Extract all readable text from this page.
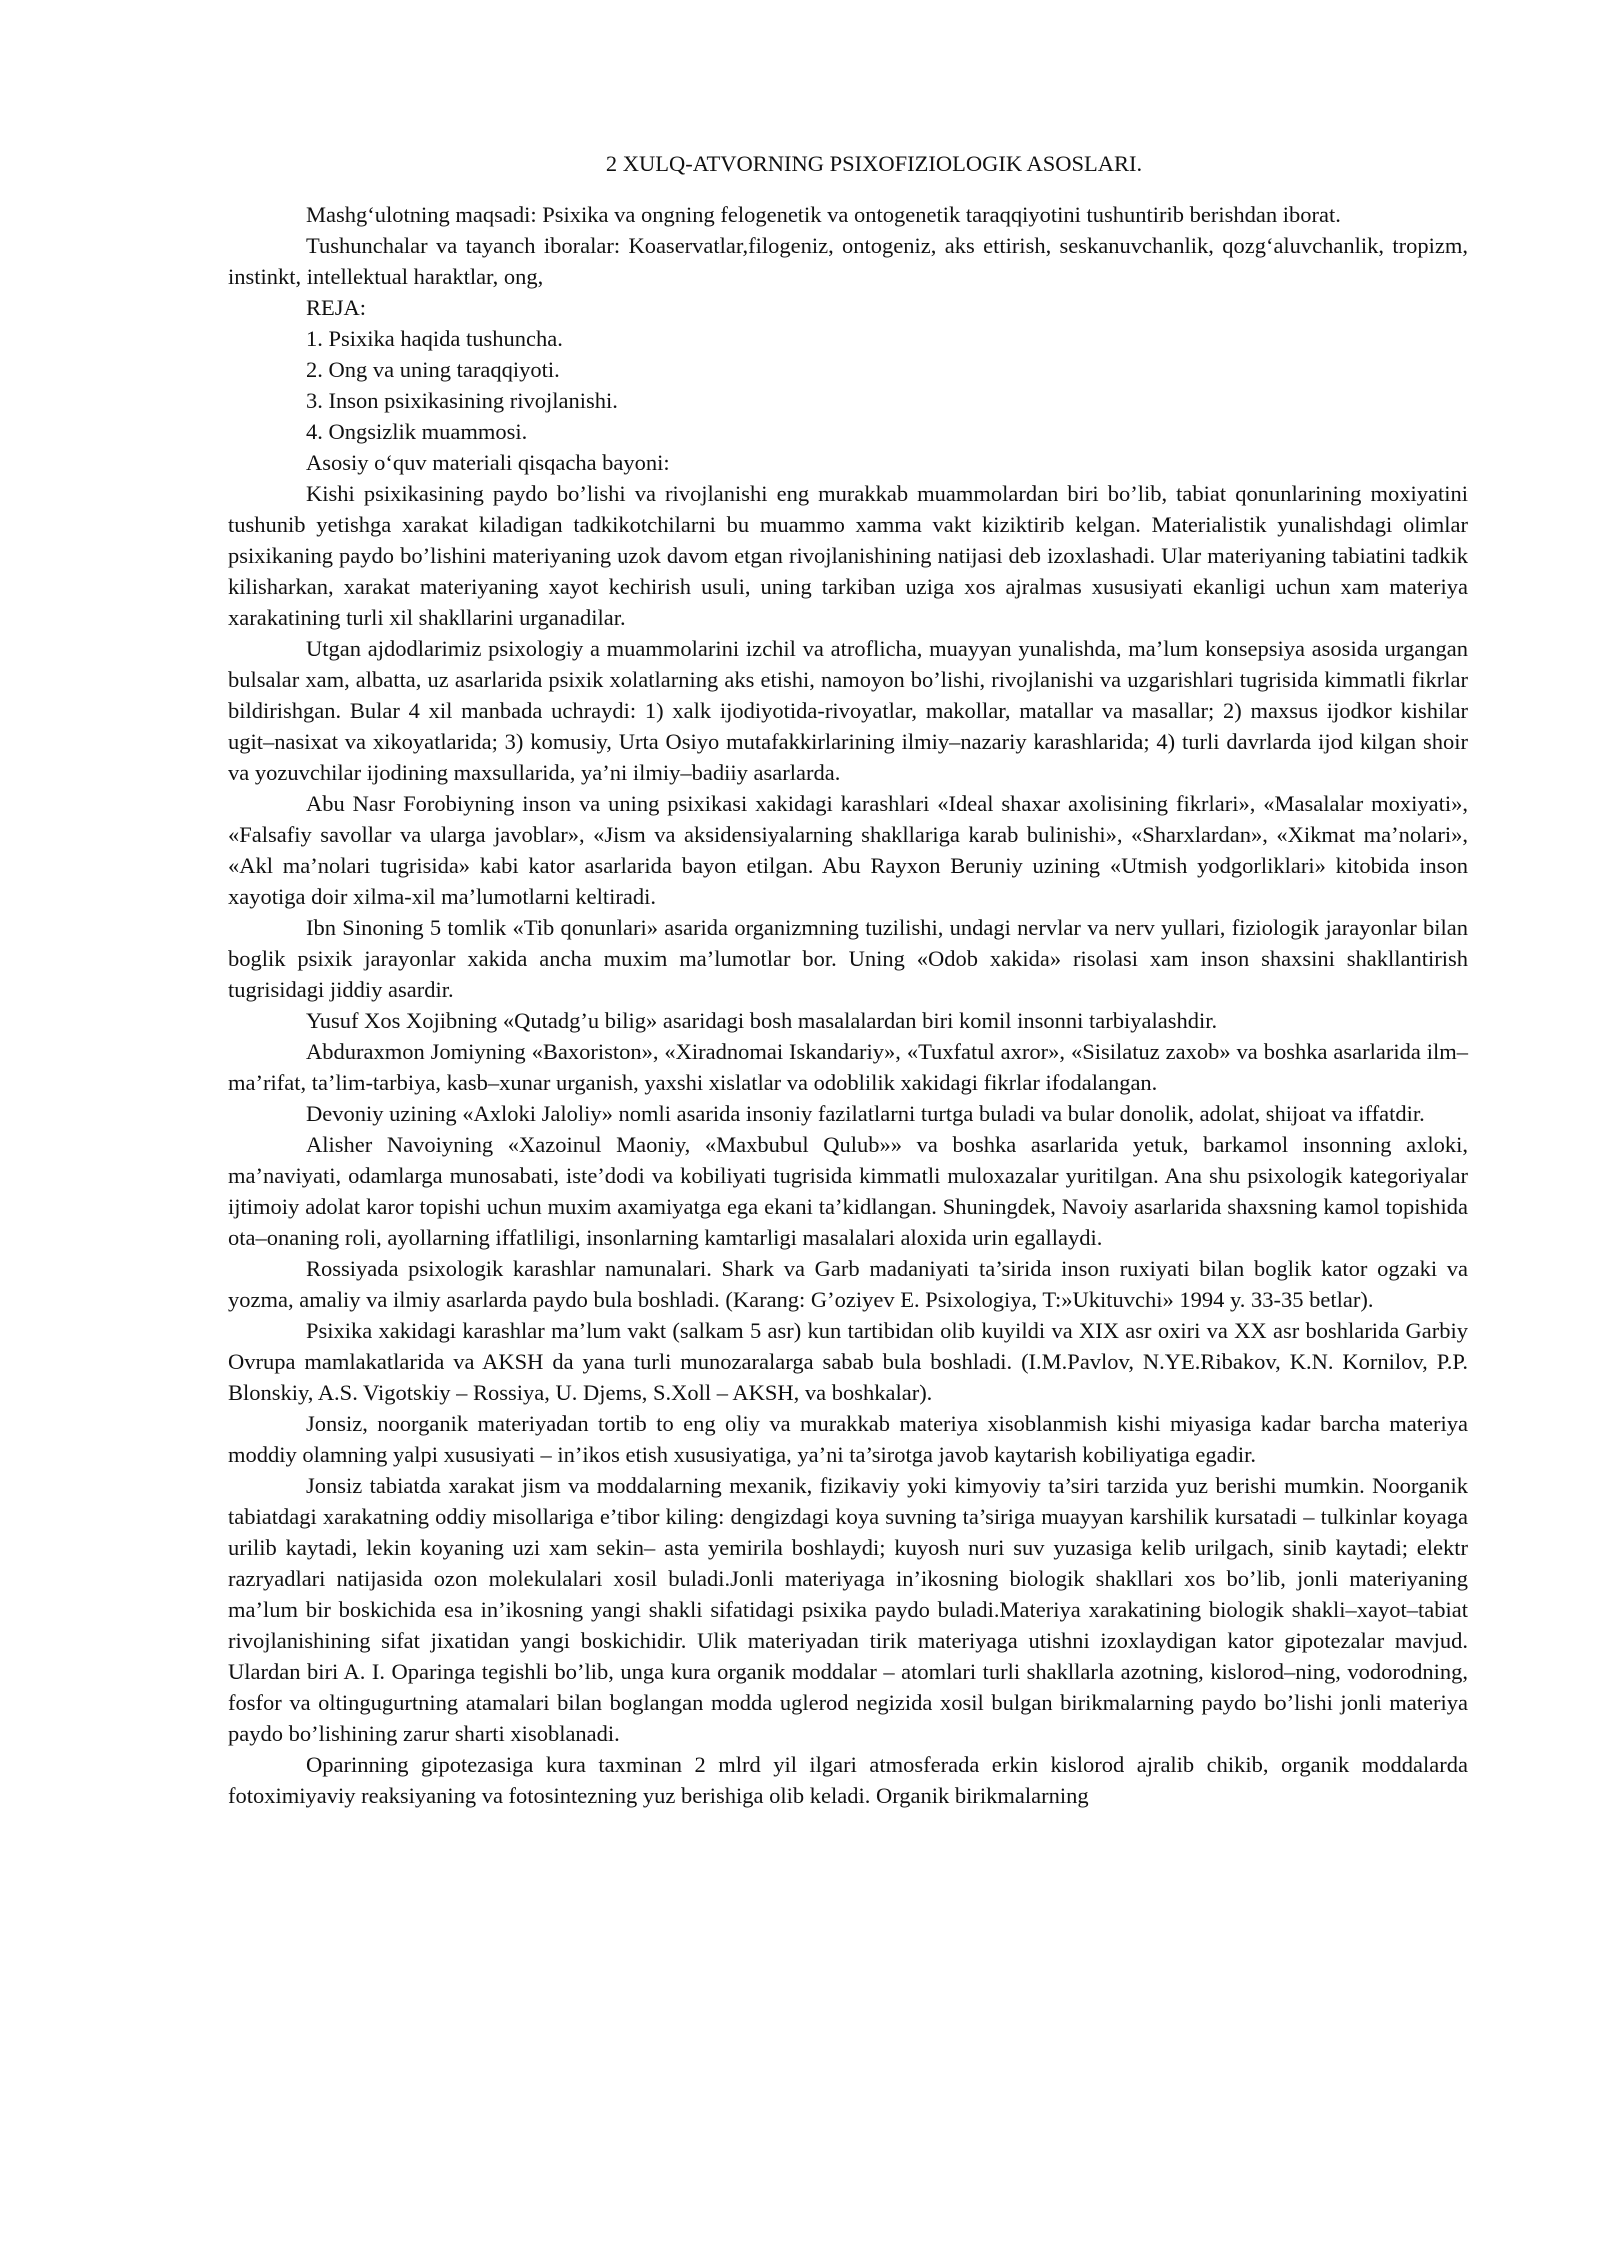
2 XULQ-ATVORNING PSIXOFIZIOLOGIK ASOSLARI.

Mashg‘ulotning maqsadi: Psixika va ongning felogenetik va ontogenetik taraqqiyotini tushuntirib berishdan iborat.

Tushunchalar va tayanch iboralar: Koaservatlar,filogeniz, ontogeniz, aks ettirish, seskanuvchanlik, qozg‘aluvchanlik, tropizm, instinkt, intellektual haraktlar, ong,

REJA:

1. Psixika haqida tushuncha.
2. Ong va uning taraqqiyoti.
3. Inson psixikasining rivojlanishi.
4. Ongsizlik muammosi.

Asosiy o‘quv materiali qisqacha bayoni:

Kishi psixikasining paydo bo’lishi va rivojlanishi eng murakkab muammolardan biri bo’lib, tabiat qonunlarining moxiyatini tushunib yetishga xarakat kiladigan tadkikotchilarni bu muammo xamma vakt kiziktirib kelgan. Materialistik yunalishdagi olimlar psixikaning paydo bo’lishini materiyaning uzok davom etgan rivojlanishining natijasi deb izoxlashadi. Ular materiyaning tabiatini tadkik kilisharkan, xarakat materiyaning xayot kechirish usuli, uning tarkiban uziga xos ajralmas xususiyati ekanligi uchun xam materiya xarakatining turli xil shakllarini urganadilar.

Utgan ajdodlarimiz psixologiy a muammolarini izchil va atroflicha, muayyan yunalishda, ma’lum konsepsiya asosida urgangan bulsalar xam, albatta, uz asarlarida psixik xolatlarning aks etishi, namoyon bo’lishi, rivojlanishi va uzgarishlari tugrisida kimmatli fikrlar bildirishgan. Bular 4 xil manbada uchraydi: 1) xalk ijodiyotida-rivoyatlar, makollar, matallar va masallar; 2) maxsus ijodkor kishilar ugit–nasixat va xikoyatlarida; 3) komusiy, Urta Osiyo mutafakkirlarining ilmiy–nazariy karashlarida; 4) turli davrlarda ijod kilgan shoir va yozuvchilar ijodining maxsullarida, ya’ni ilmiy–badiiy asarlarda.

Abu Nasr Forobiyning inson va uning psixikasi xakidagi karashlari «Ideal shaxar axolisining fikrlari», «Masalalar moxiyati», «Falsafiy savollar va ularga javoblar», «Jism va aksidensiyalarning shakllariga karab bulinishi», «Sharxlardan», «Xikmat ma’nolari», «Akl ma’nolari tugrisida» kabi kator asarlarida bayon etilgan. Abu Rayxon Beruniy uzining «Utmish yodgorliklari» kitobida inson xayotiga doir xilma-xil ma’lumotlarni keltiradi.

Ibn Sinoning 5 tomlik «Tib qonunlari» asarida organizmning tuzilishi, undagi nervlar va nerv yullari, fiziologik jarayonlar bilan boglik psixik jarayonlar xakida ancha muxim ma’lumotlar bor. Uning «Odob xakida» risolasi xam inson shaxsini shakllantirish tugrisidagi jiddiy asardir.

Yusuf Xos Xojibning «Qutadg’u bilig» asaridagi bosh masalalardan biri komil insonni tarbiyalashdir.

Abduraxmon Jomiyning «Baxoriston», «Xiradnomai Iskandariy», «Tuxfatul axror», «Sisilatuz zaxob» va boshka asarlarida ilm–ma’rifat, ta’lim-tarbiya, kasb–xunar urganish, yaxshi xislatlar va odoblilik xakidagi fikrlar ifodalangan.

Devoniy uzining «Axloki Jaloliy» nomli asarida insoniy fazilatlarni turtga buladi va bular donolik, adolat, shijoat va iffatdir.

Alisher Navoiyning «Xazoinul Maoniy, «Maxbubul Qulub»» va boshka asarlarida yetuk, barkamol insonning axloki, ma’naviyati, odamlarga munosabati, iste’dodi va kobiliyati tugrisida kimmatli muloxazalar yuritilgan. Ana shu psixologik kategoriyalar ijtimoiy adolat karor topishi uchun muxim axamiyatga ega ekani ta’kidlangan. Shuningdek, Navoiy asarlarida shaxsning kamol topishida ota–onaning roli, ayollarning iffatliligi, insonlarning kamtarligi masalalari aloxida urin egallaydi.

Rossiyada psixologik karashlar namunalari. Shark va Garb madaniyati ta’sirida inson ruxiyati bilan boglik kator ogzaki va yozma, amaliy va ilmiy asarlarda paydo bula boshladi. (Karang: G’oziyev E. Psixologiya, T:»Ukituvchi» 1994 y. 33-35 betlar).

Psixika xakidagi karashlar ma’lum vakt (salkam 5 asr) kun tartibidan olib kuyildi va XIX asr oxiri va XX asr boshlarida Garbiy Ovrupa mamlakatlarida va AKSH da yana turli munozaralarga sabab bula boshladi. (I.M.Pavlov, N.YE.Ribakov, K.N. Kornilov, P.P. Blonskiy, A.S. Vigotskiy – Rossiya, U. Djems, S.Xoll – AKSH, va boshkalar).

Jonsiz, noorganik materiyadan tortib to eng oliy va murakkab materiya xisoblanmish kishi miyasiga kadar barcha materiya moddiy olamning yalpi xususiyati – in’ikos etish xususiyatiga, ya’ni ta’sirotga javob kaytarish kobiliyatiga egadir.

Jonsiz tabiatda xarakat jism va moddalarning mexanik, fizikaviy yoki kimyoviy ta’siri tarzida yuz berishi mumkin. Noorganik tabiatdagi xarakatning oddiy misollariga e’tibor kiling: dengizdagi koya suvning ta’siriga muayyan karshilik kursatadi – tulkinlar koyaga urilib kaytadi, lekin koyaning uzi xam sekin– asta yemirila boshlaydi; kuyosh nuri suv yuzasiga kelib urilgach, sinib kaytadi; elektr razryadlari natijasida ozon molekulalari xosil buladi.Jonli materiyaga in’ikosning biologik shakllari xos bo’lib, jonli materiyaning ma’lum bir boskichida esa in’ikosning yangi shakli sifatidagi psixika paydo buladi.Materiya xarakatining biologik shakli–xayot–tabiat rivojlanishining sifat jixatidan yangi boskichidir. Ulik materiyadan tirik materiyaga utishni izoxlaydigan kator gipotezalar mavjud. Ulardan biri A. I. Oparinga tegishli bo’lib, unga kura organik moddalar – atomlari turli shakllarla azotning, kislorod–ning, vodorodning, fosfor va oltingugurtning atamalari bilan boglangan modda uglerod negizida xosil bulgan birikmalarning paydo bo’lishi jonli materiya paydo bo’lishining zarur sharti xisoblanadi.

Oparinning gipotezasiga kura taxminan 2 mlrd yil ilgari atmosferada erkin kislorod ajralib chikib, organik moddalarda fotoximiyaviy reaksiyaning va fotosintezning yuz berishiga olib keladi. Organik birikmalarning
